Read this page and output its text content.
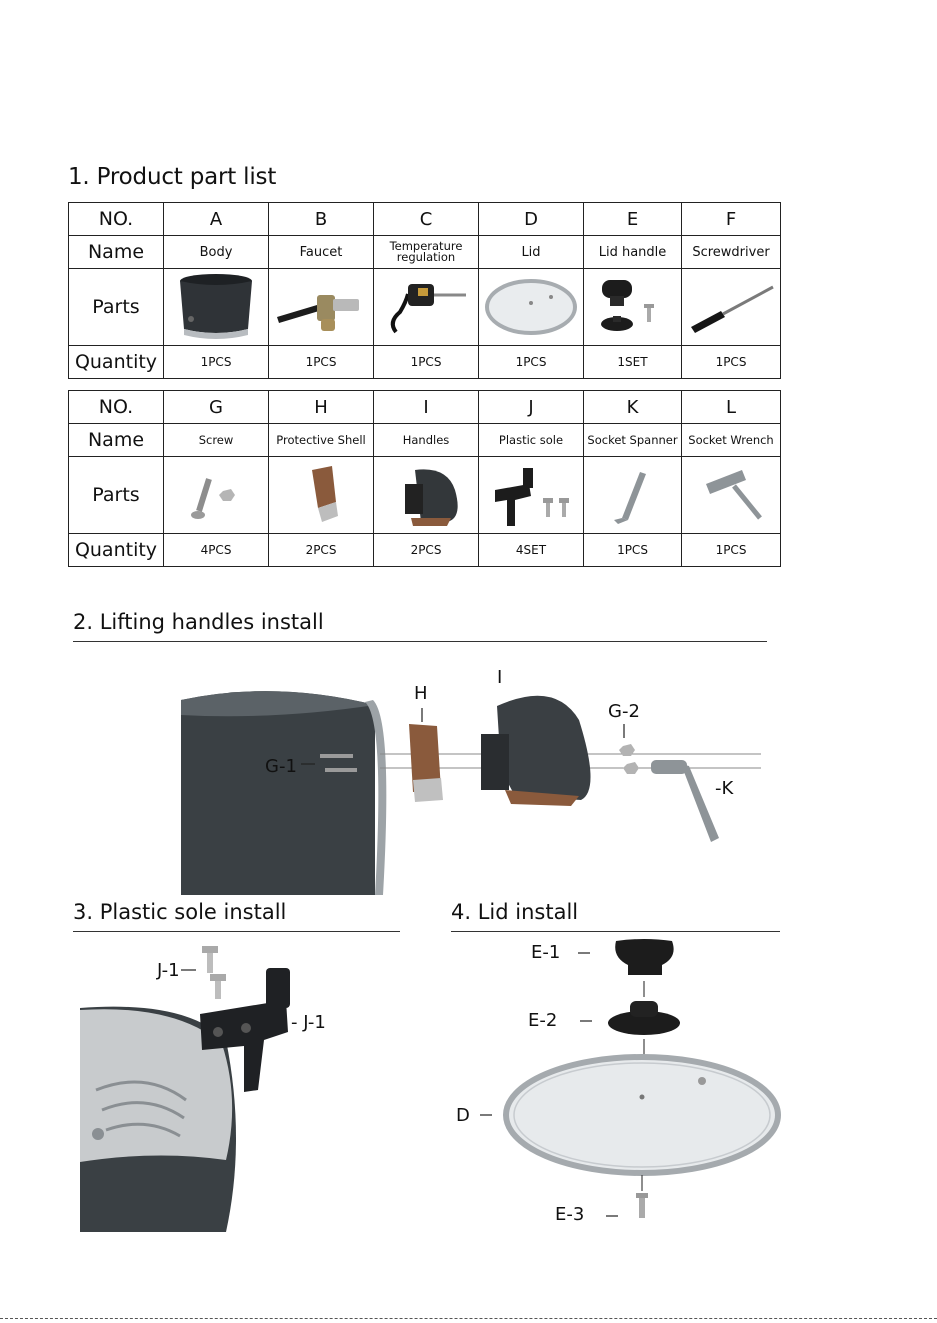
1. Product part list
NO.	A	B	C	D	E	F
Name	Body	Faucet	Temperature regulation	Lid	Lid handle	Screwdriver
Parts	

Quantity	1PCS	1PCS	1PCS	1PCS	1SET	1PCS
NO.	G	H	I	J	K	L
Name	Screw	Protective Shell	Handles	Plastic sole	Socket Spanner	Socket Wrench
Parts	

Quantity	4PCS	2PCS	2PCS	4SET	1PCS	1PCS
2. Lifting handles install
G-1
H
I
G-2
-K
3. Plastic sole install
J-1
- J-1
4. Lid install
E-1
E-2
D
E-3
